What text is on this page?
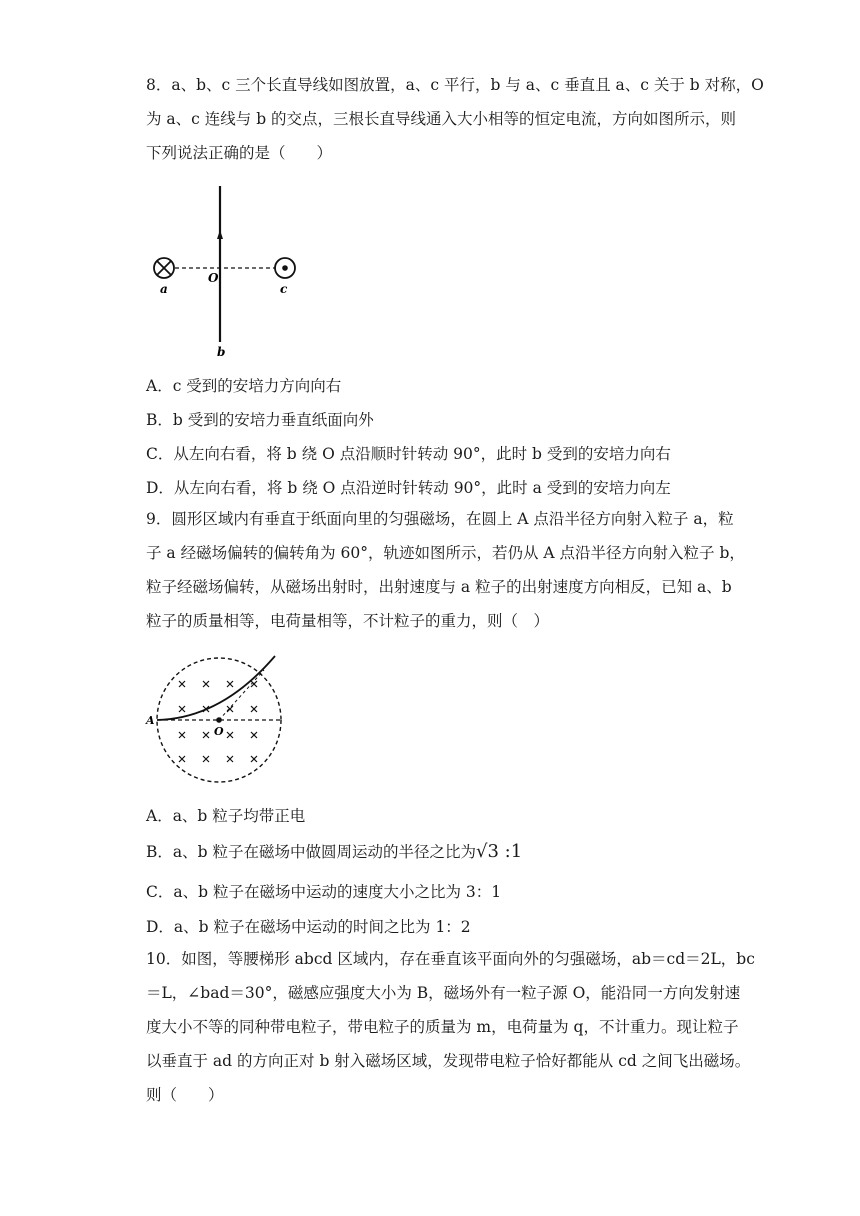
8．a、b、c 三个长直导线如图放置，a、c 平行，b 与 a、c 垂直且 a、c 关于 b 对称，O
为 a、c 连线与 b 的交点，三根长直导线通入大小相等的恒定电流，方向如图所示，则
下列说法正确的是（　　）
a
O
c
b
A．c 受到的安培力方向向右
B．b 受到的安培力垂直纸面向外
C．从左向右看，将 b 绕 O 点沿顺时针转动 90°，此时 b 受到的安培力向右
D．从左向右看，将 b 绕 O 点沿逆时针转动 90°，此时 a 受到的安培力向左
9．圆形区域内有垂直于纸面向里的匀强磁场，在圆上 A 点沿半径方向射入粒子 a，粒
子 a 经磁场偏转的偏转角为 60°，轨迹如图所示，若仍从 A 点沿半径方向射入粒子 b，
粒子经磁场偏转，从磁场出射时，出射速度与 a 粒子的出射速度方向相反，已知 a、b
粒子的质量相等，电荷量相等，不计粒子的重力，则（　）
A
O
A．a、b 粒子均带正电
B．a、b 粒子在磁场中做圆周运动的半径之比为√3 :1
C．a、b 粒子在磁场中运动的速度大小之比为 3：1
D．a、b 粒子在磁场中运动的时间之比为 1：2
10．如图，等腰梯形 abcd 区域内，存在垂直该平面向外的匀强磁场，ab＝cd＝2L，bc
＝L，∠bad＝30°，磁感应强度大小为 B，磁场外有一粒子源 O，能沿同一方向发射速
度大小不等的同种带电粒子，带电粒子的质量为 m，电荷量为 q，不计重力。现让粒子
以垂直于 ad 的方向正对 b 射入磁场区域，发现带电粒子恰好都能从 cd 之间飞出磁场。
则（　　）
